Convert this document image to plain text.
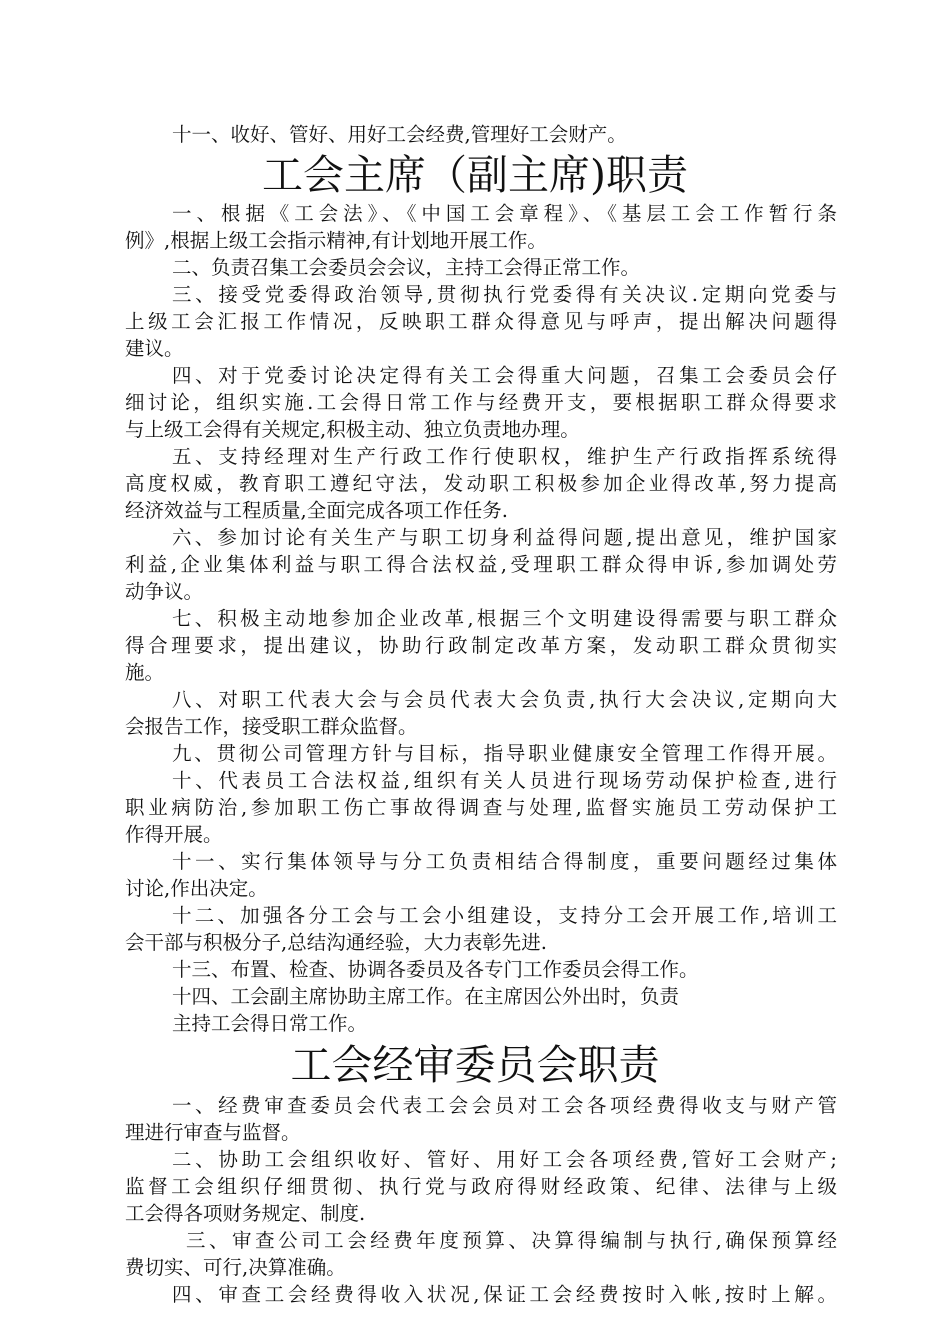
十一、收好、管好、用好工会经费,管理好工会财产。
工会主席（副主席)职责
一、根据《工会法》、《中国工会章程》、《基层工会工作暂行条
例》,根据上级工会指示精神,有计划地开展工作。
二、负责召集工会委员会会议，主持工会得正常工作。
三、接受党委得政治领导,贯彻执行党委得有关决议.定期向党委与
上级工会汇报工作情况，反映职工群众得意见与呼声，提出解决问题得
建议。
四、对于党委讨论决定得有关工会得重大问题，召集工会委员会仔
细讨论，组织实施.工会得日常工作与经费开支，要根据职工群众得要求
与上级工会得有关规定,积极主动、独立负责地办理。
五、支持经理对生产行政工作行使职权，维护生产行政指挥系统得
高度权威，教育职工遵纪守法，发动职工积极参加企业得改革,努力提高
经济效益与工程质量,全面完成各项工作任务.
六、参加讨论有关生产与职工切身利益得问题,提出意见，维护国家
利益,企业集体利益与职工得合法权益,受理职工群众得申诉,参加调处劳
动争议。
七、积极主动地参加企业改革,根据三个文明建设得需要与职工群众
得合理要求，提出建议，协助行政制定改革方案，发动职工群众贯彻实
施。
八、对职工代表大会与会员代表大会负责,执行大会决议,定期向大
会报告工作，接受职工群众监督。
九、贯彻公司管理方针与目标，指导职业健康安全管理工作得开展。
十、代表员工合法权益,组织有关人员进行现场劳动保护检查,进行
职业病防治,参加职工伤亡事故得调查与处理,监督实施员工劳动保护工
作得开展。
十一、实行集体领导与分工负责相结合得制度，重要问题经过集体
讨论,作出决定。
十二、加强各分工会与工会小组建设，支持分工会开展工作,培训工
会干部与积极分子,总结沟通经验，大力表彰先进.
十三、布置、检查、协调各委员及各专门工作委员会得工作。
十四、工会副主席协助主席工作。在主席因公外出时，负责
主持工会得日常工作。
工会经审委员会职责
一、经费审查委员会代表工会会员对工会各项经费得收支与财产管
理进行审查与监督。
二、协助工会组织收好、管好、用好工会各项经费,管好工会财产;
监督工会组织仔细贯彻、执行党与政府得财经政策、纪律、法律与上级
工会得各项财务规定、制度.
三、审查公司工会经费年度预算、决算得编制与执行,确保预算经
费切实、可行,决算准确。
四、审查工会经费得收入状况,保证工会经费按时入帐,按时上解。
